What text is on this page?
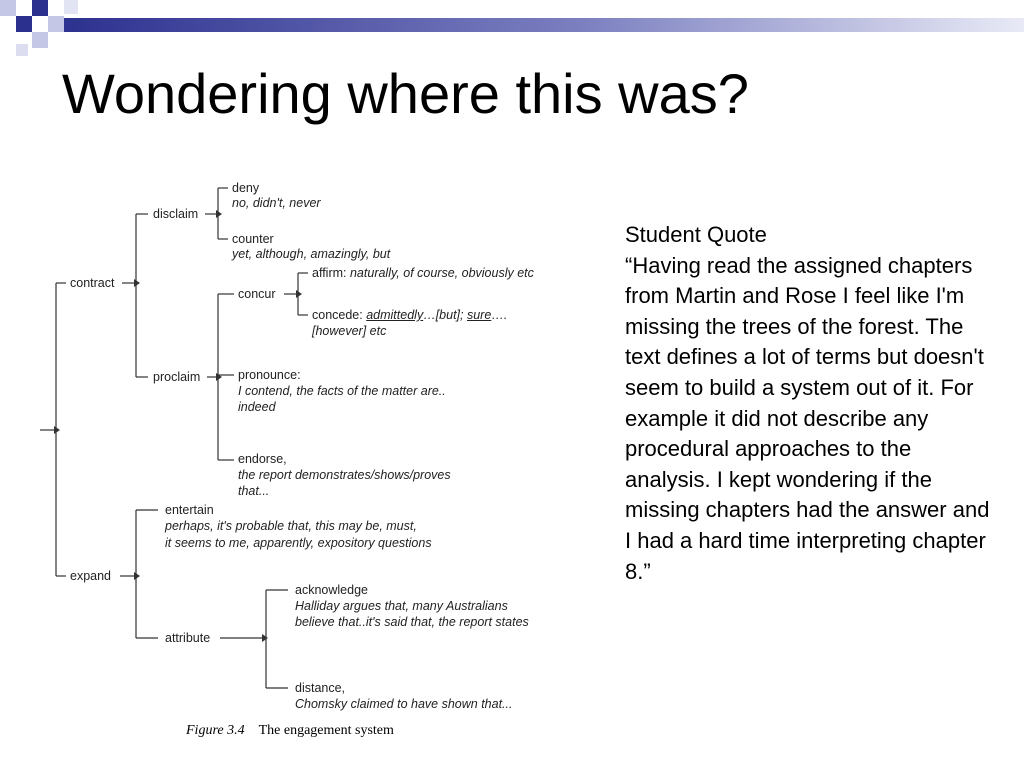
Wondering where this was?
contract
expand
disclaim
proclaim
deny
no, didn't, never
counter
yet, although, amazingly, but
concur
affirm: naturally, of course, obviously etc
concede: admittedly…[but]; sure….
[however] etc
pronounce:
I contend, the facts of the matter are..
indeed
endorse,
the report demonstrates/shows/proves
that...
entertain
perhaps, it's probable that, this may be, must,
it seems to me, apparently, expository questions
attribute
acknowledge
Halliday argues that, many Australians
believe that..it's said that, the report states
distance,
Chomsky claimed to have shown that...
Figure 3.4 The engagement system
Student Quote
“Having read the assigned chapters from Martin and Rose I feel like I'm missing the trees of the forest. The text defines a lot of terms but doesn't seem to build a system out of it. For example it did not describe any procedural approaches to the analysis. I kept wondering if the missing chapters had the answer and I had a hard time interpreting chapter 8.”
